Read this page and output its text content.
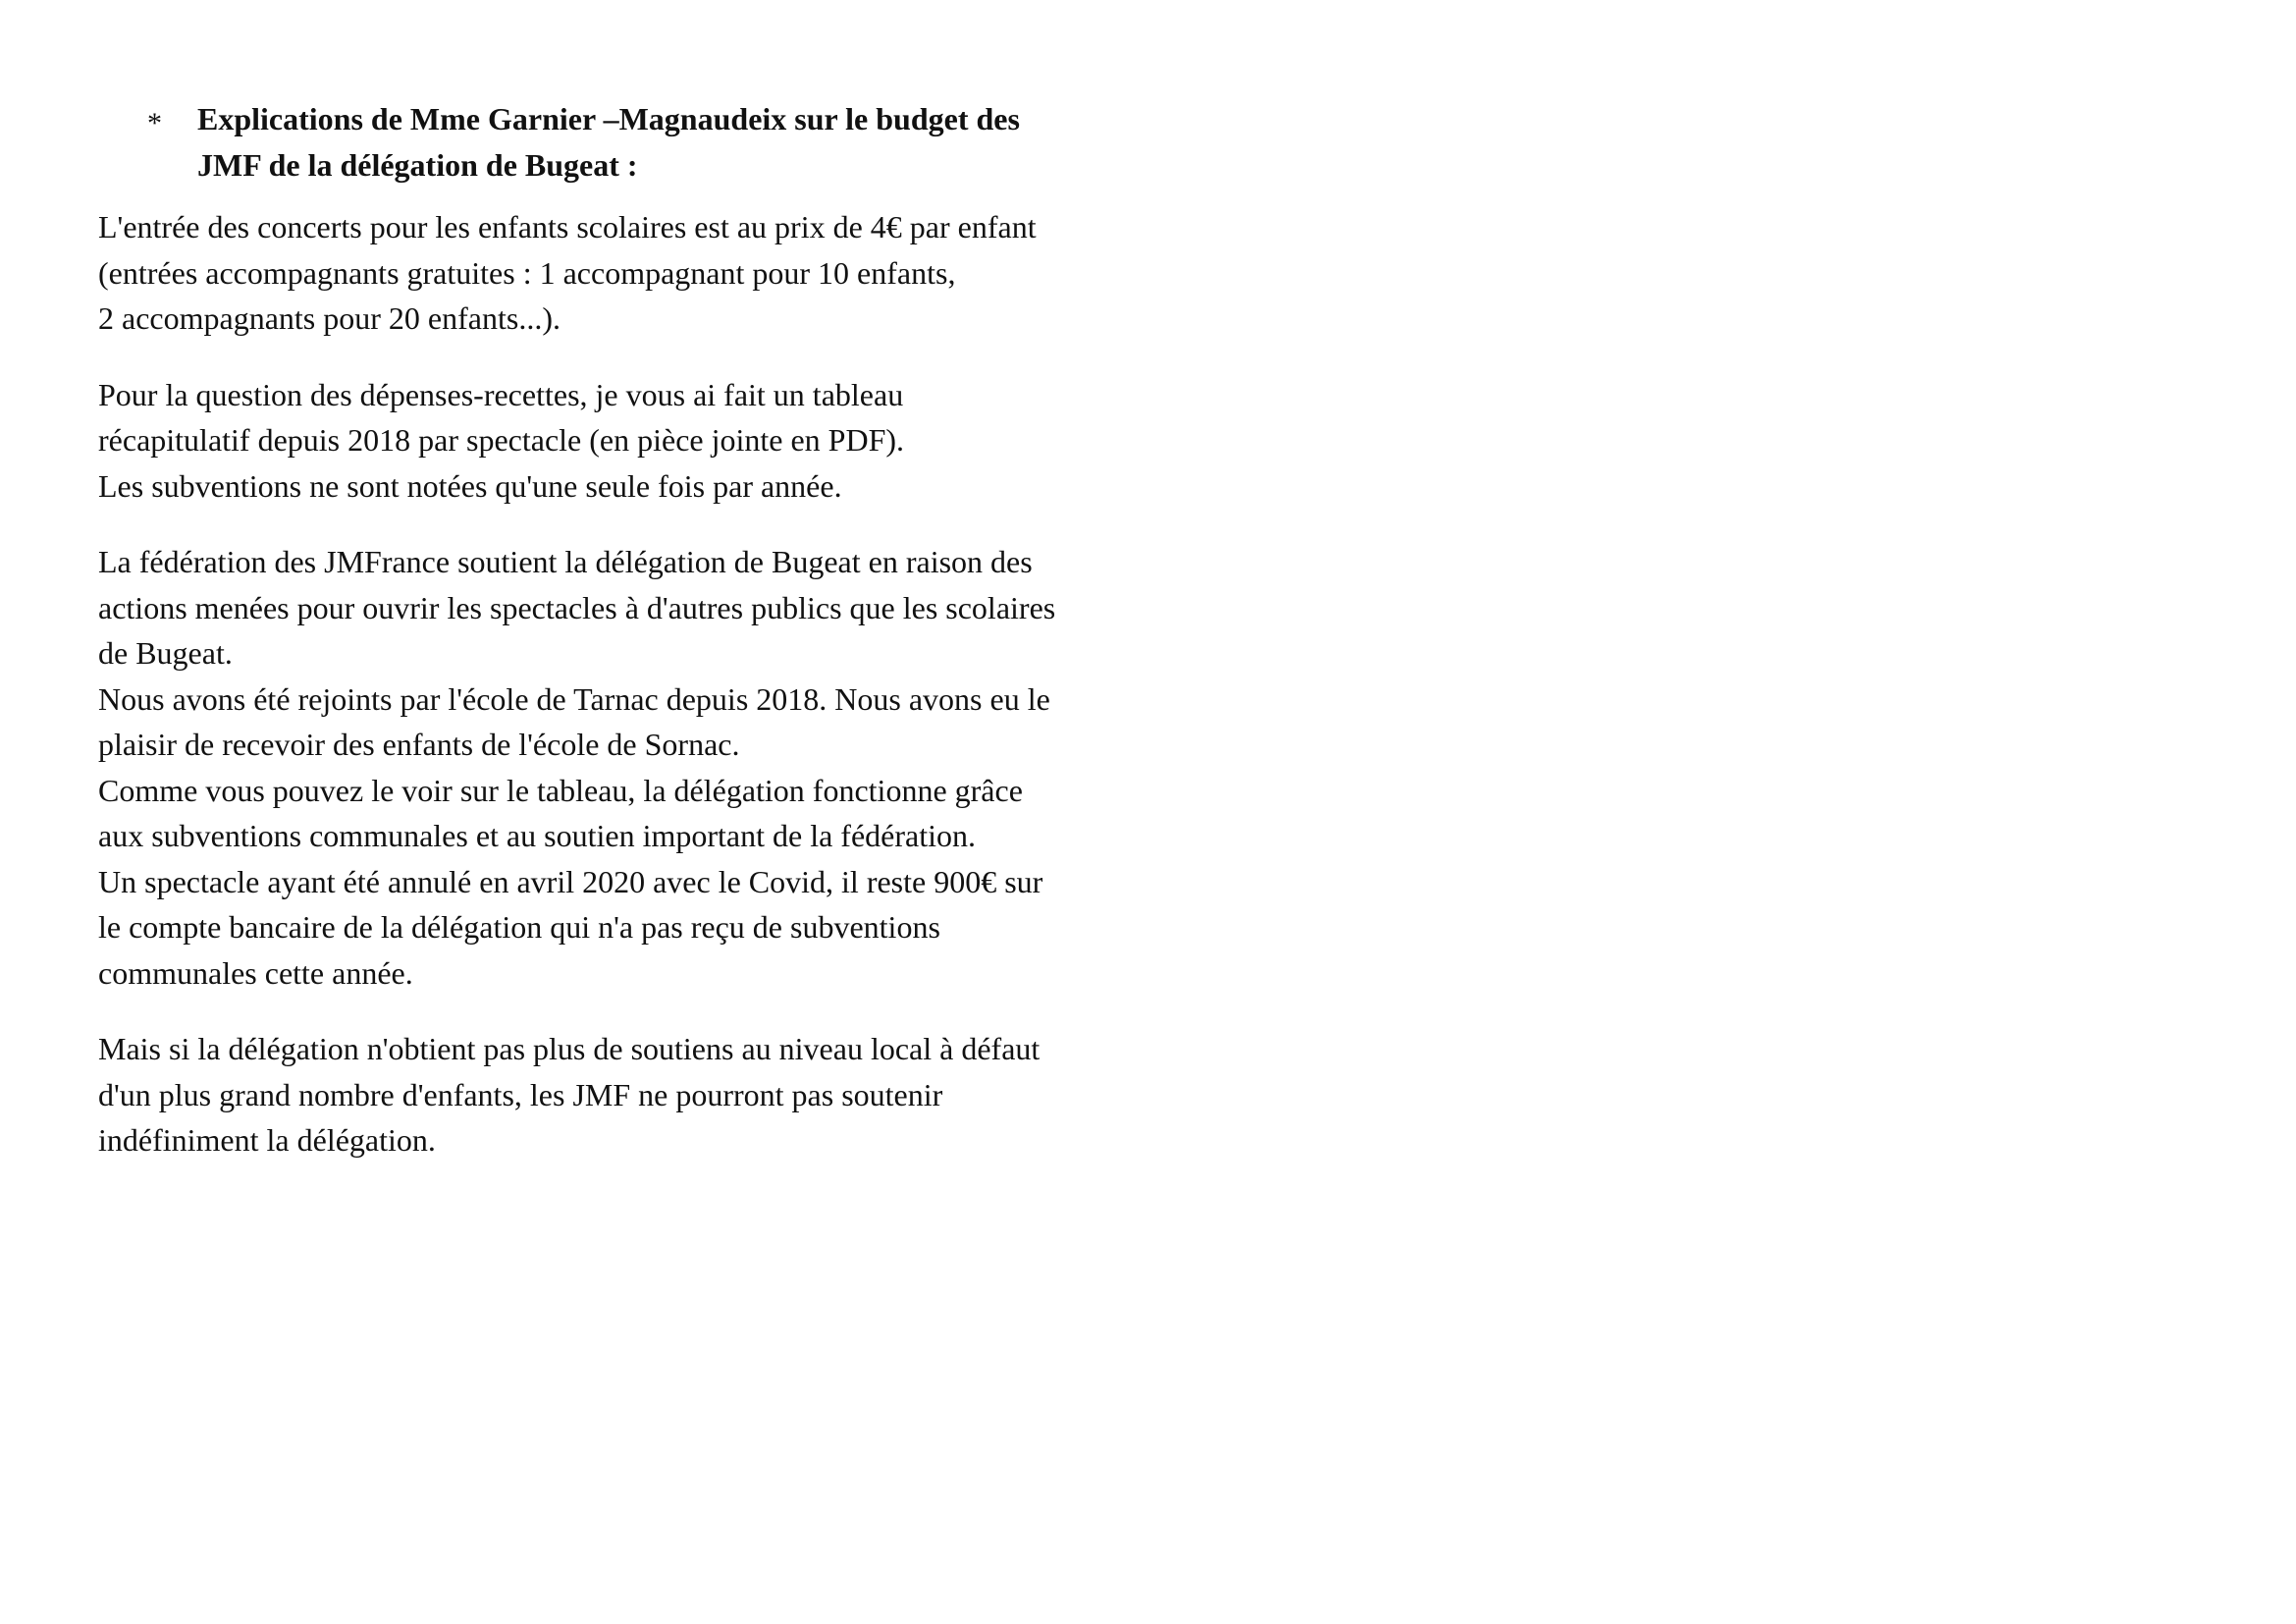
* Explications de Mme Garnier –Magnaudeix sur le budget des
JMF de la délégation de Bugeat :

L'entrée des concerts pour les enfants scolaires est au prix de 4€ par enfant
(entrées accompagnants gratuites : 1 accompagnant pour 10 enfants,
2 accompagnants pour 20 enfants...).

Pour la question des dépenses-recettes, je vous ai fait un tableau
récapitulatif depuis 2018 par spectacle (en pièce jointe en PDF).
Les subventions ne sont notées qu'une seule fois par année.

La fédération des JMFrance soutient la délégation de Bugeat en raison des
actions menées pour ouvrir les spectacles à d'autres publics que les scolaires
de Bugeat.
Nous avons été rejoints par l'école de Tarnac depuis 2018. Nous avons eu le
plaisir de recevoir des enfants de l'école de Sornac.
Comme vous pouvez le voir sur le tableau, la délégation fonctionne grâce
aux subventions communales et au soutien important de la fédération.
Un spectacle ayant été annulé en avril 2020 avec le Covid, il reste 900€ sur
le compte bancaire de la délégation qui n'a pas reçu de subventions
communales cette année.

Mais si la délégation n'obtient pas plus de soutiens au niveau local à défaut
d'un plus grand nombre d'enfants, les JMF ne pourront pas soutenir
indéfiniment la délégation.
